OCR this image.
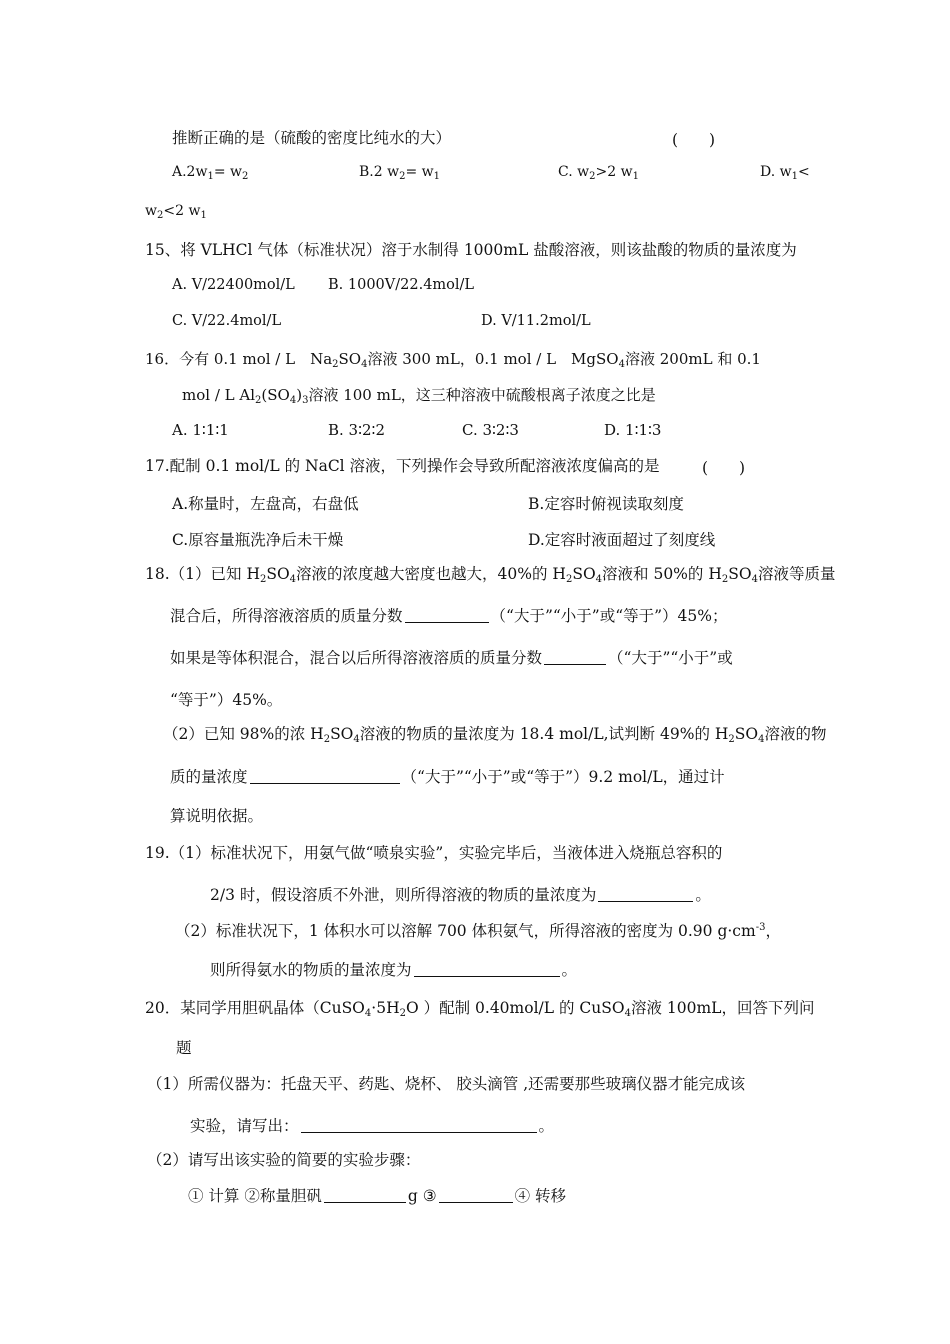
推断正确的是（硫酸的密度比纯水的大）	(　　)
$A.2w_1= w_2$	B.2 $w_2= w_1$	C. $w_2>2$ $w_1$	D. $w_1<$
$w_2<2$ $w_1$
15、将 VLHCl 气体（标准状况）溶于水制得 1000mL 盐酸溶液，则该盐酸的物质的量浓度为
A. V/22400mol/L B. 1000V/22.4mol/L
C. V/22.4mol/L	D. V/11.2mol/L
16．今有 0.1 mol / L　$Na_2SO_4$溶液 300 mL，0.1 mol / L　MgSO$_4$溶液 200mL 和 0.1
mol / L $Al_2(SO_4)_3$溶液 100 mL，这三种溶液中硫酸根离子浓度之比是
A. 1∶1∶1	B. 3∶2∶2	C. 3∶2∶3	D. 1∶1∶3
17.配制 0.1 mol/L 的 NaCl 溶液，下列操作会导致所配溶液浓度偏高的是	(　　)
A.称量时，左盘高，右盘低	B.定容时俯视读取刻度
C.原容量瓶洗净后未干燥	D.定容时液面超过了刻度线
18.（1）已知 $H_2SO_4$溶液的浓度越大密度也越大，40%的 $H_2SO_4$溶液和 50%的 $H_2SO_4$溶液等质量
混合后，所得溶液溶质的质量分数	（“大于”“小于”或“等于”）45%；
如果是等体积混合，混合以后所得溶液溶质的质量分数	（“大于”“小于”或
“等于”）45%。
（2）已知 98%的浓 $H_2SO_4$溶液的物质的量浓度为 18.4 mol/L,试判断 49%的 $H_2SO_4$溶液的物
质的量浓度	（“大于”“小于”或“等于”）9.2 mol/L，通过计
算说明依据。
19.（1）标准状况下，用氨气做“喷泉实验”，实验完毕后，当液体进入烧瓶总容积的
2/3 时，假设溶质不外泄，则所得溶液的物质的量浓度为	。
（2）标准状况下，1 体积水可以溶解 700 体积氨气，所得溶液的密度为 0.90 $g\cdot cm^{-3}$，
则所得氨水的物质的量浓度为	。
20．某同学用胆矾晶体（$CuSO_4\cdot 5H_2O$ ）配制 0.40mol/L 的 CuSO$_4$溶液 100mL，回答下列问
题
（1）所需仪器为：托盘天平、药匙、烧杯、 胶头滴管 ,还需要那些玻璃仪器才能完成该
实验，请写出：	。
（2）请写出该实验的简要的实验步骤：
① 计算 ②称量胆矾	g ③	④ 转移
